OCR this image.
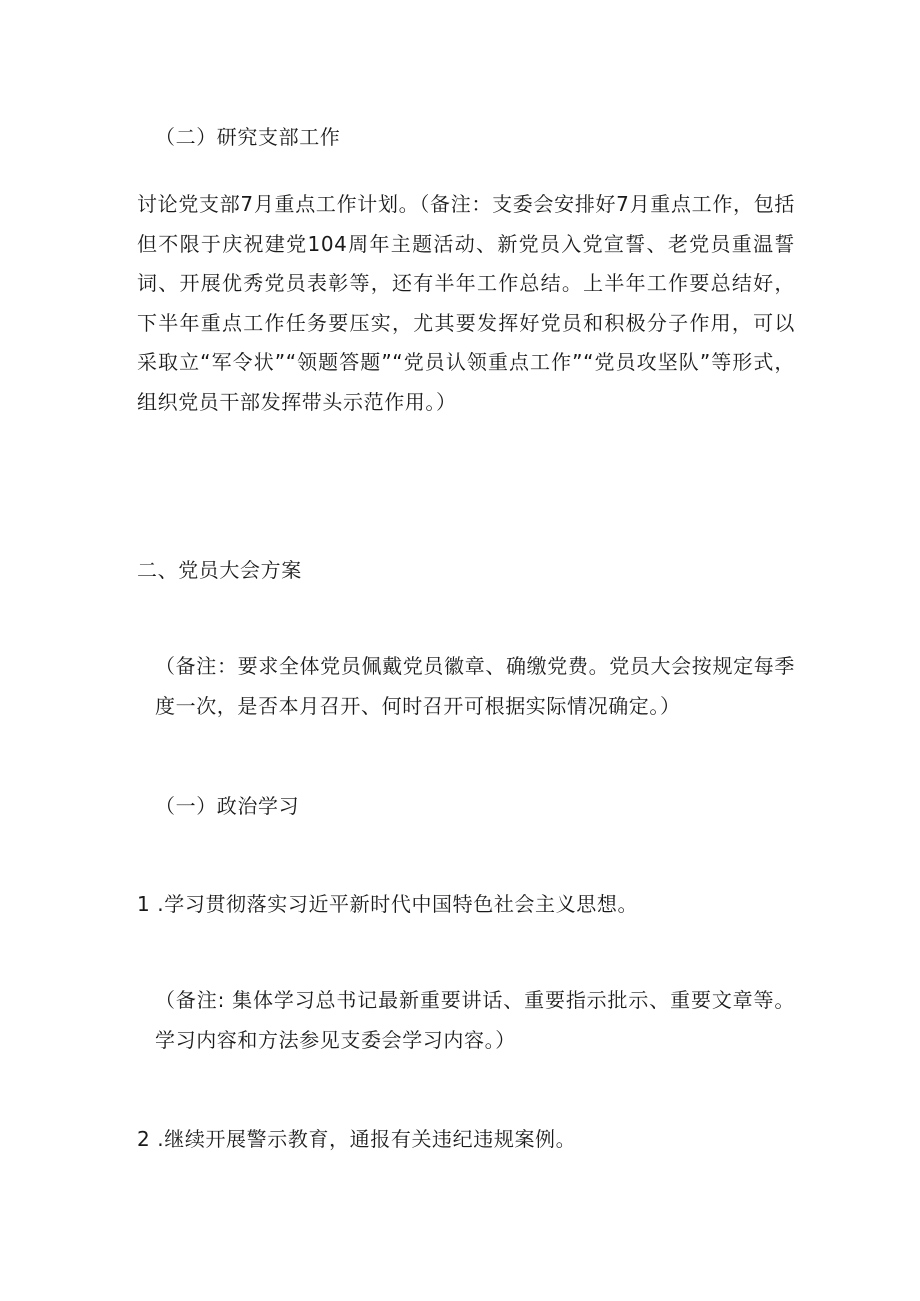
（二）研究支部工作
讨论党支部7月重点工作计划。（备注：支委会安排好7月重点工作，包括但不限于庆祝建党104周年主题活动、新党员入党宣誓、老党员重温誓词、开展优秀党员表彰等，还有半年工作总结。上半年工作要总结好，下半年重点工作任务要压实，尤其要发挥好党员和积极分子作用，可以采取立“军令状”“领题答题”“党员认领重点工作”“党员攻坚队”等形式，组织党员干部发挥带头示范作用。）
二、党员大会方案
（备注：要求全体党员佩戴党员徽章、确缴党费。党员大会按规定每季度一次，是否本月召开、何时召开可根据实际情况确定。）
（一）政治学习
1 .学习贯彻落实习近平新时代中国特色社会主义思想。
（备注: 集体学习总书记最新重要讲话、重要指示批示、重要文章等。学习内容和方法参见支委会学习内容。）
2 .继续开展警示教育，通报有关违纪违规案例。
